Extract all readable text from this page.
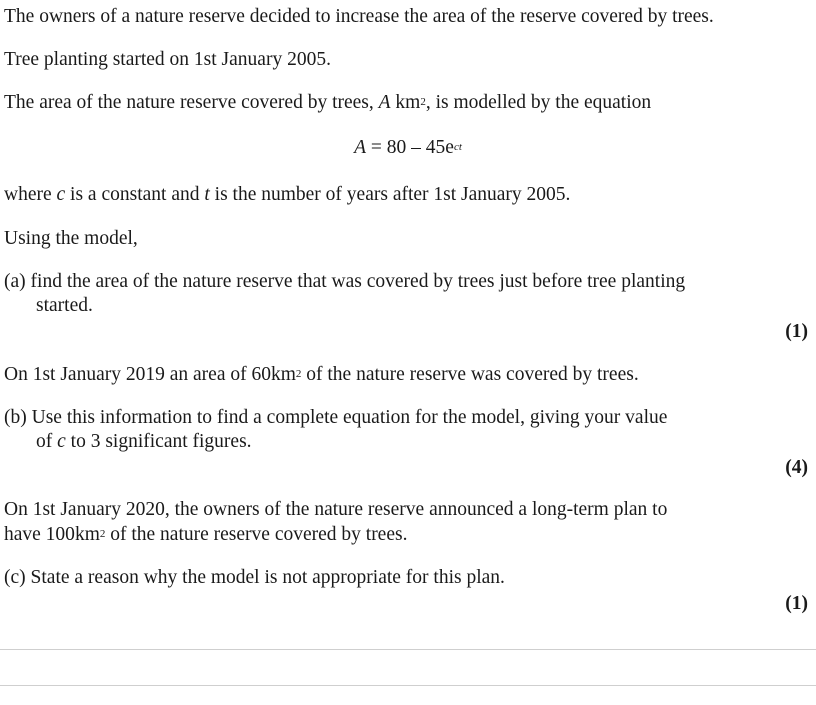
The owners of a nature reserve decided to increase the area of the reserve covered by trees.
Tree planting started on 1st January 2005.
The area of the nature reserve covered by trees, A $km^2$, is modelled by the equation
$A = 80 - 45e^{ct}$
where c is a constant and t is the number of years after 1st January 2005.
Using the model,
(a) find the area of the nature reserve that was covered by trees just before tree planting
started.
(1)
On 1st January 2019 an area of $60km^2$ of the nature reserve was covered by trees.
(b) Use this information to find a complete equation for the model, giving your value
of c to 3 significant figures.
(4)
On 1st January 2020, the owners of the nature reserve announced a long-term plan to
have $100km^2$ of the nature reserve covered by trees.
(c) State a reason why the model is not appropriate for this plan.
(1)
